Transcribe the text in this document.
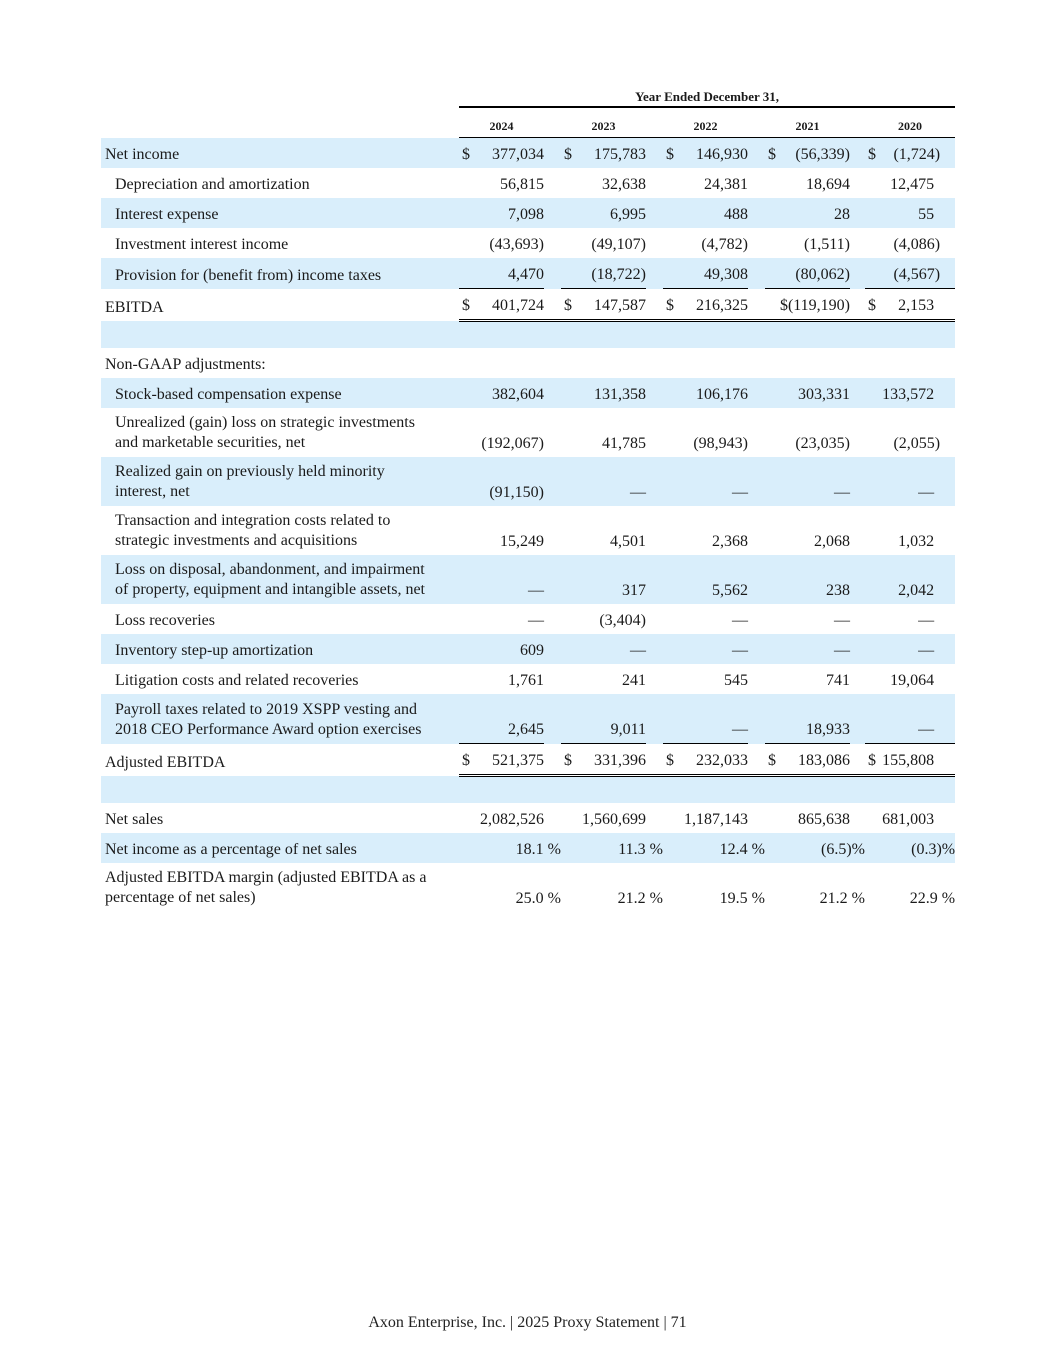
	Year Ended December 31,								
	2024		2023		2022		2021		2020
Net income	$ 377,034		$ 175,783		$ 146,930		$ (56,339)		$ (1,724)
Depreciation and amortization	56,815		32,638		24,381		18,694		12,475
Interest expense	7,098		6,995		488		28		55
Investment interest income	(43,693)		(49,107)		(4,782)		(1,511)		(4,086)
Provision for (benefit from) income taxes	4,470		(18,722)		49,308		(80,062)		(4,567)
EBITDA	$ 401,724		$ 147,587		$ 216,325		$(119,190)		$ 2,153

Non-GAAP adjustments:									
Stock-based compensation expense	382,604		131,358		106,176		303,331		133,572

Unrealized (gain) loss on strategic investments
and marketable securities, net	(192,067)		41,785		(98,943)		(23,035)		(2,055)

Realized gain on previously held minority
interest, net	(91,150)		—		—		—		—

Transaction and integration costs related to
strategic investments and acquisitions	15,249		4,501		2,368		2,068		1,032

Loss on disposal, abandonment, and impairment
of property, equipment and intangible assets, net	—		317		5,562		238		2,042
Loss recoveries	—		(3,404)		—		—		—
Inventory step-up amortization	609		—		—		—		—
Litigation costs and related recoveries	1,761		241		545		741		19,064

Payroll taxes related to 2019 XSPP vesting and
2018 CEO Performance Award option exercises	2,645		9,011		—		18,933		—
Adjusted EBITDA	$ 521,375		$ 331,396		$ 232,033		$ 183,086		$ 155,808

Net sales	2,082,526		1,560,699		1,187,143		865,638		681,003
Net income as a percentage of net sales	18.1 %		11.3 %		12.4 %		(6.5)%		(0.3)%

Adjusted EBITDA margin (adjusted EBITDA as a
percentage of net sales)	25.0 %		21.2 %		19.5 %		21.2 %		22.9 %
Axon Enterprise, Inc. | 2025 Proxy Statement | 71
